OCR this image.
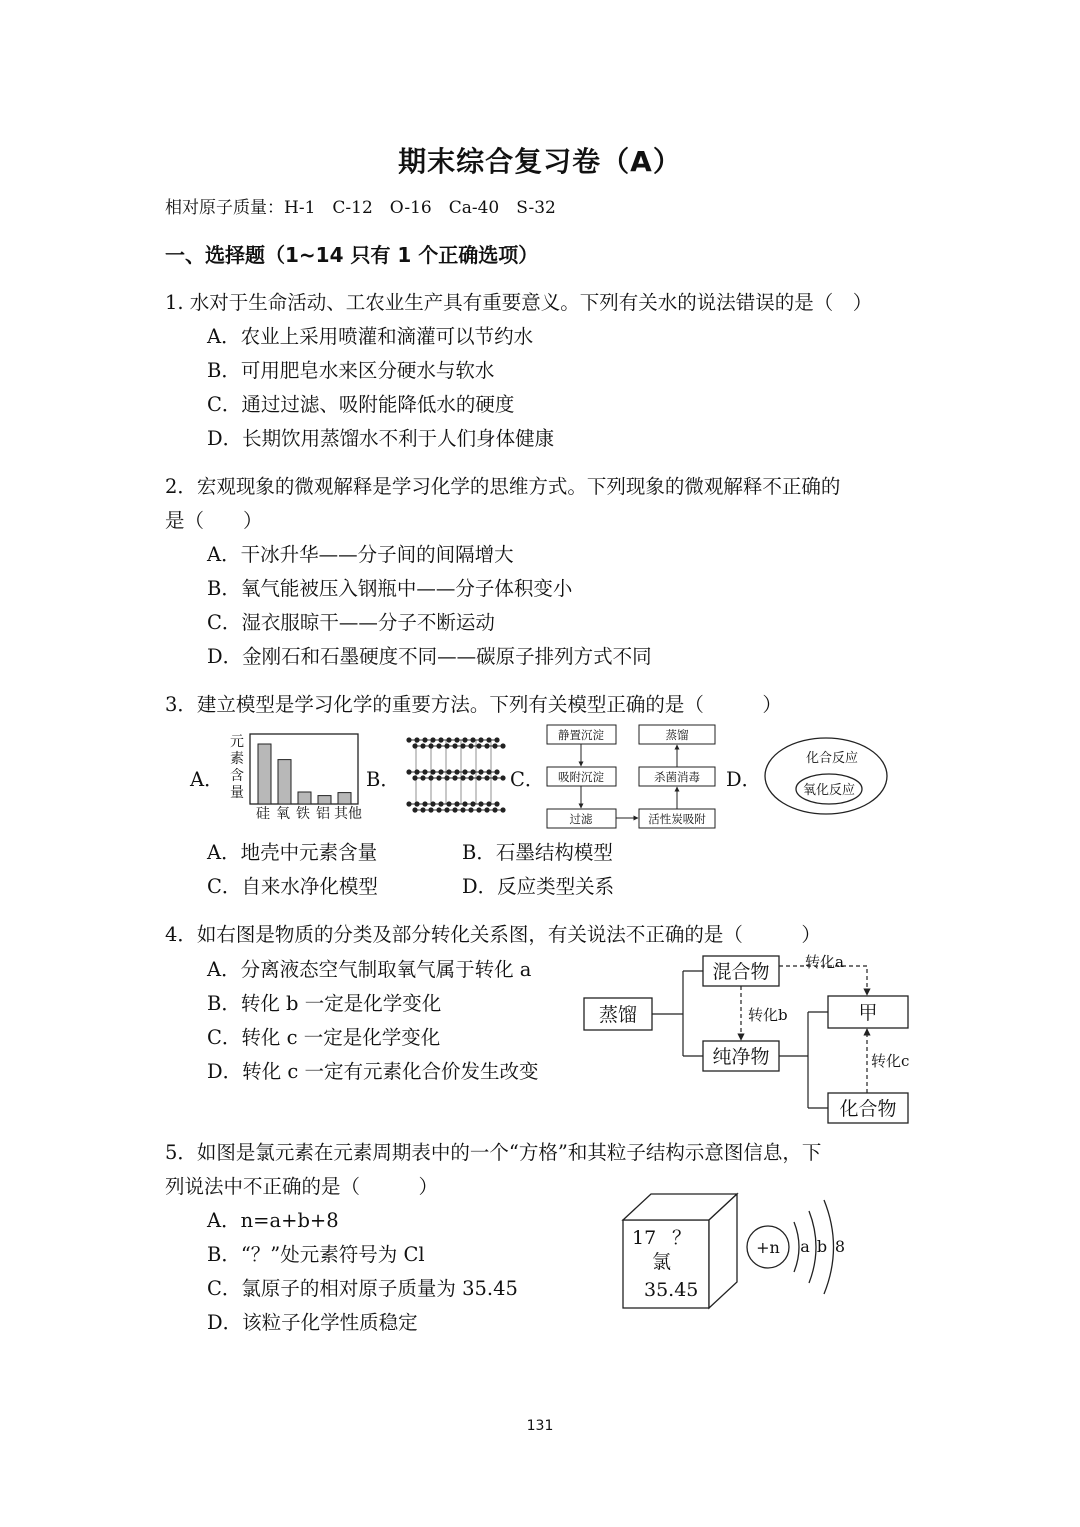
期末综合复习卷（A）
相对原子质量：H-1　C-12　O-16　Ca-40　S-32
一、选择题（1~14 只有 1 个正确选项）
1. 水对于生命活动、工农业生产具有重要意义。下列有关水的说法错误的是（　）
A．农业上采用喷灌和滴灌可以节约水
B．可用肥皂水来区分硬水与软水
C．通过过滤、吸附能降低水的硬度
D．长期饮用蒸馏水不利于人们身体健康
2．宏观现象的微观解释是学习化学的思维方式。下列现象的微观解释不正确的
是（　　）
A．干冰升华——分子间的间隔增大
B．氧气能被压入钢瓶中——分子体积变小
C．湿衣服晾干——分子不断运动
D．金刚石和石墨硬度不同——碳原子排列方式不同
3．建立模型是学习化学的重要方法。下列有关模型正确的是（　　　）
A．	B．	C．	D．
元
素
含
量
硅 氧 铁 铝 其他
静置沉淀	蒸馏
吸附沉淀	杀菌消毒
过滤	活性炭吸附
化合反应
氧化反应
A．地壳中元素含量	B．石墨结构模型
C．自来水净化模型	D．反应类型关系
4．如右图是物质的分类及部分转化关系图，有关说法不正确的是（　　　）
A．分离液态空气制取氧气属于转化 a
B．转化 b 一定是化学变化
C．转化 c 一定是化学变化
D．转化 c 一定有元素化合价发生改变
蒸馏
混合物
纯净物
甲
化合物
转化a
转化b
转化c
5．如图是氯元素在元素周期表中的一个“方格”和其粒子结构示意图信息，下
列说法中不正确的是（　　　）
A．n=a+b+8
B．“？”处元素符号为 Cl
C．氯原子的相对原子质量为 35.45
D．该粒子化学性质稳定
17 ？
氯
35.45
+n a b 8
131
